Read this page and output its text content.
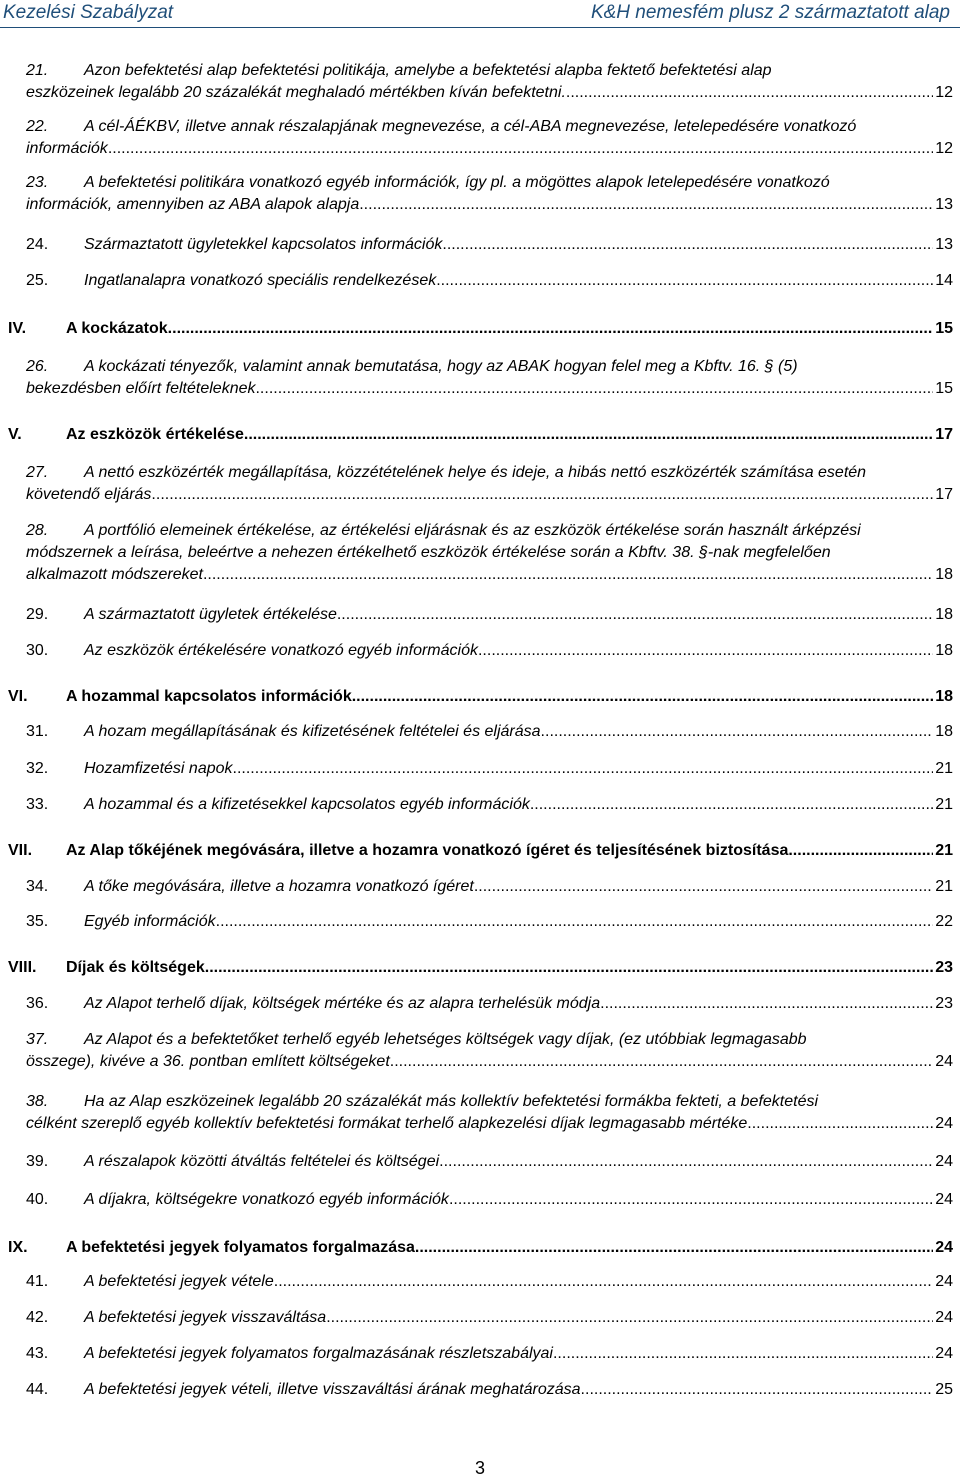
Kezelési Szabályzat	K&H nemesfém plusz 2 származtatott alap
21. Azon befektetési alap befektetési politikája, amelybe a befektetési alapba fektető befektetési alap
eszközeinek legalább 20 százalékát meghaladó mértékben kíván befektetni. .....	12
22. A cél-ÁÉKBV, illetve annak részalapjának megnevezése, a cél-ABA megnevezése, letelepedésére vonatkozó
információk .....	12
23. A befektetési politikára vonatkozó egyéb információk, így pl. a mögöttes alapok letelepedésére vonatkozó
információk, amennyiben az ABA alapok alapja .....	13
24.	Származtatott ügyletekkel kapcsolatos információk .....	13
25.	Ingatlanalapra vonatkozó speciális rendelkezések .....	14
IV.	A kockázatok .....	15
26. A kockázati tényezők, valamint annak bemutatása, hogy az ABAK hogyan felel meg a Kbftv. 16. § (5)
bekezdésben előírt feltételeknek .....	15
V.	Az eszközök értékelése .....	17
27. A nettó eszközérték megállapítása, közzétételének helye és ideje, a hibás nettó eszközérték számítása esetén
követendő eljárás .....	17
28. A portfólió elemeinek értékelése, az értékelési eljárásnak és az eszközök értékelése során használt árképzési
módszernek a leírása, beleértve a nehezen értékelhető eszközök értékelése során a Kbftv. 38. §-nak megfelelően
alkalmazott módszereket .....	18
29.	A származtatott ügyletek értékelése .....	18
30.	Az eszközök értékelésére vonatkozó egyéb információk .....	18
VI.	A hozammal kapcsolatos információk .....	18
31.	A hozam megállapításának és kifizetésének feltételei és eljárása .....	18
32.	Hozamfizetési napok .....	21
33.	A hozammal és a kifizetésekkel kapcsolatos egyéb információk .....	21
VII.	Az Alap tőkéjének megóvására, illetve a hozamra vonatkozó ígéret és teljesítésének biztosítása .....	21
34.	A tőke megóvására, illetve a hozamra vonatkozó ígéret .....	21
35.	Egyéb információk .....	22
VIII.	Díjak és költségek .....	23
36.	Az Alapot terhelő díjak, költségek mértéke és az alapra terhelésük módja .....	23
37. Az Alapot és a befektetőket terhelő egyéb lehetséges költségek vagy díjak, (ez utóbbiak legmagasabb
összege), kivéve a 36. pontban említett költségeket .....	24
38. Ha az Alap eszközeinek legalább 20 százalékát más kollektív befektetési formákba fekteti, a befektetési
célként szereplő egyéb kollektív befektetési formákat terhelő alapkezelési díjak legmagasabb mértéke .....	24
39.	A részalapok közötti átváltás feltételei és költségei .....	24
40.	A díjakra, költségekre vonatkozó egyéb információk .....	24
IX.	A befektetési jegyek folyamatos forgalmazása .....	24
41.	A befektetési jegyek vétele .....	24
42.	A befektetési jegyek visszaváltása .....	24
43.	A befektetési jegyek folyamatos forgalmazásának részletszabályai .....	24
44.	A befektetési jegyek vételi, illetve visszaváltási árának meghatározása .....	25
3
